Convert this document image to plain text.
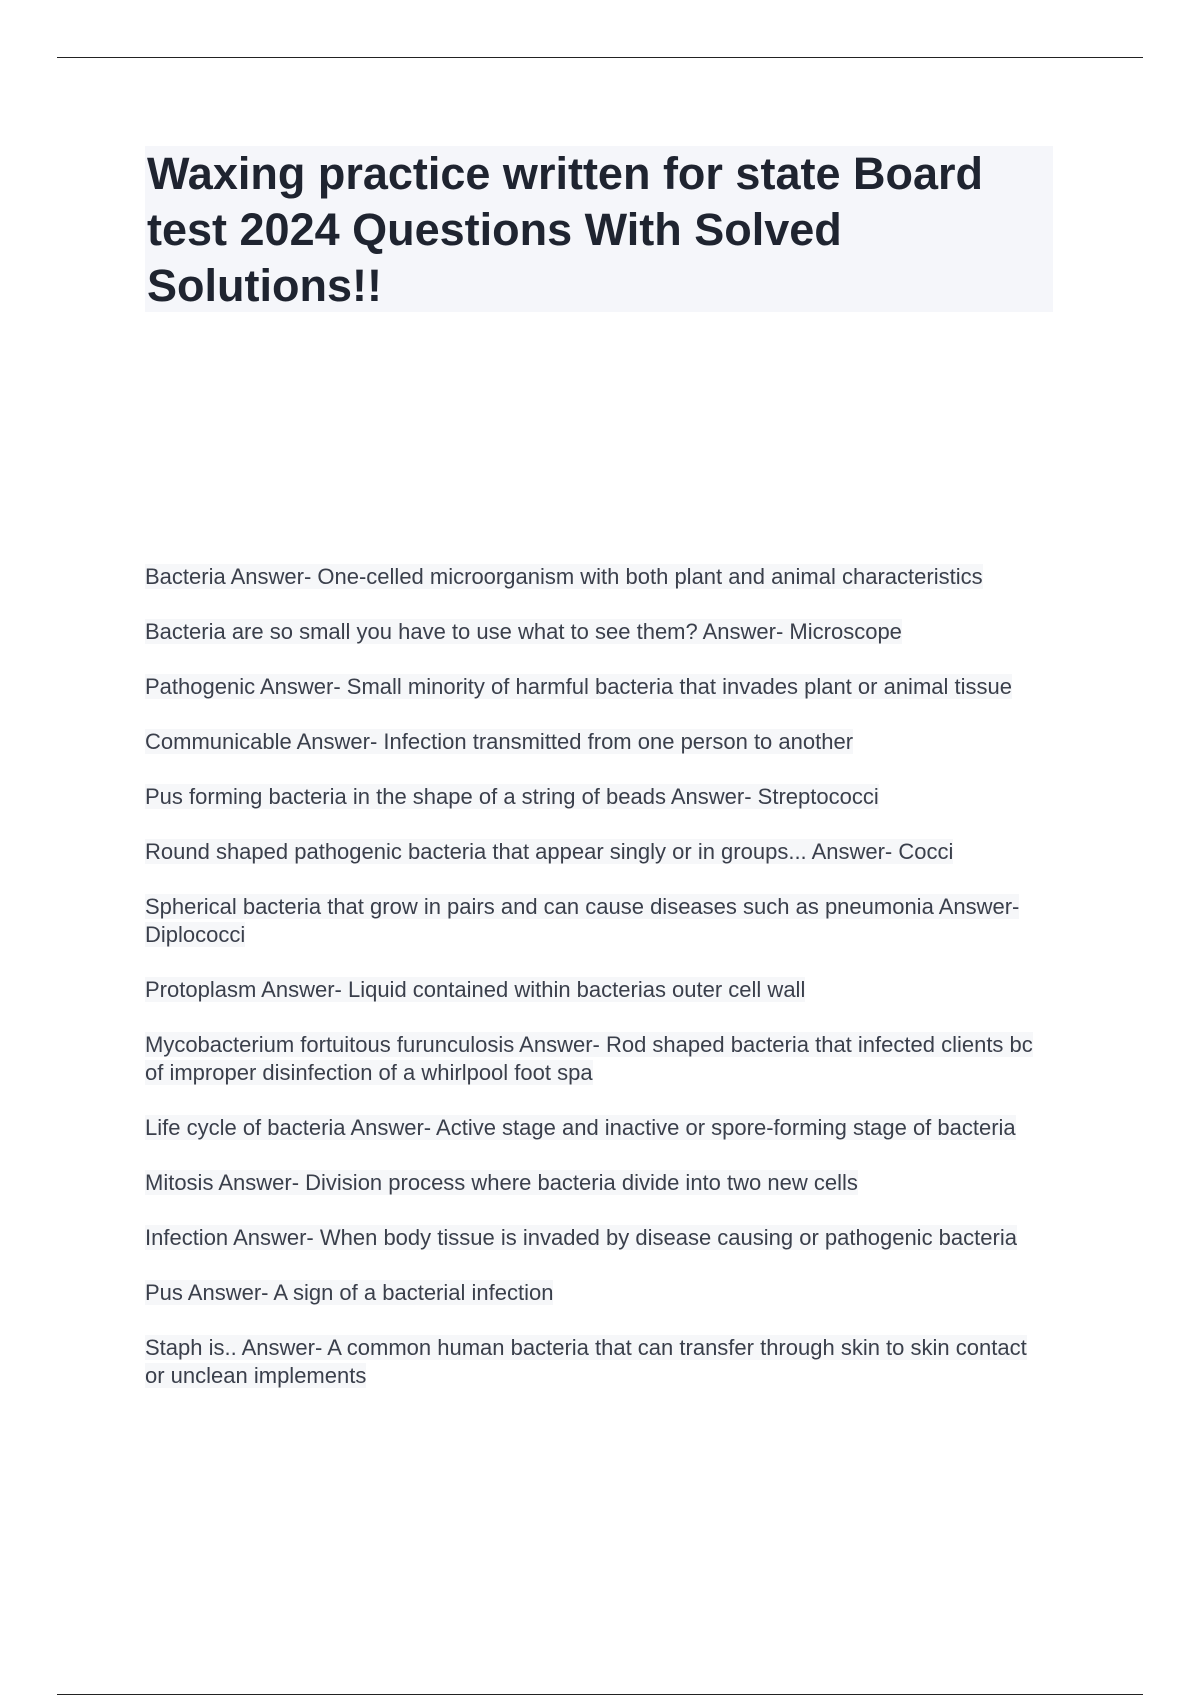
Waxing practice written for state Board test 2024 Questions With Solved Solutions!!
Bacteria Answer- One-celled microorganism with both plant and animal characteristics
Bacteria are so small you have to use what to see them? Answer- Microscope
Pathogenic Answer- Small minority of harmful bacteria that invades plant or animal tissue
Communicable Answer- Infection transmitted from one person to another
Pus forming bacteria in the shape of a string of beads Answer- Streptococci
Round shaped pathogenic bacteria that appear singly or in groups... Answer- Cocci
Spherical bacteria that grow in pairs and can cause diseases such as pneumonia Answer- Diplococci
Protoplasm Answer- Liquid contained within bacterias outer cell wall
Mycobacterium fortuitous furunculosis Answer- Rod shaped bacteria that infected clients bc of improper disinfection of a whirlpool foot spa
Life cycle of bacteria Answer- Active stage and inactive or spore-forming stage of bacteria
Mitosis Answer- Division process where bacteria divide into two new cells
Infection Answer- When body tissue is invaded by disease causing or pathogenic bacteria
Pus Answer- A sign of a bacterial infection
Staph is.. Answer- A common human bacteria that can transfer through skin to skin contact or unclean implements
